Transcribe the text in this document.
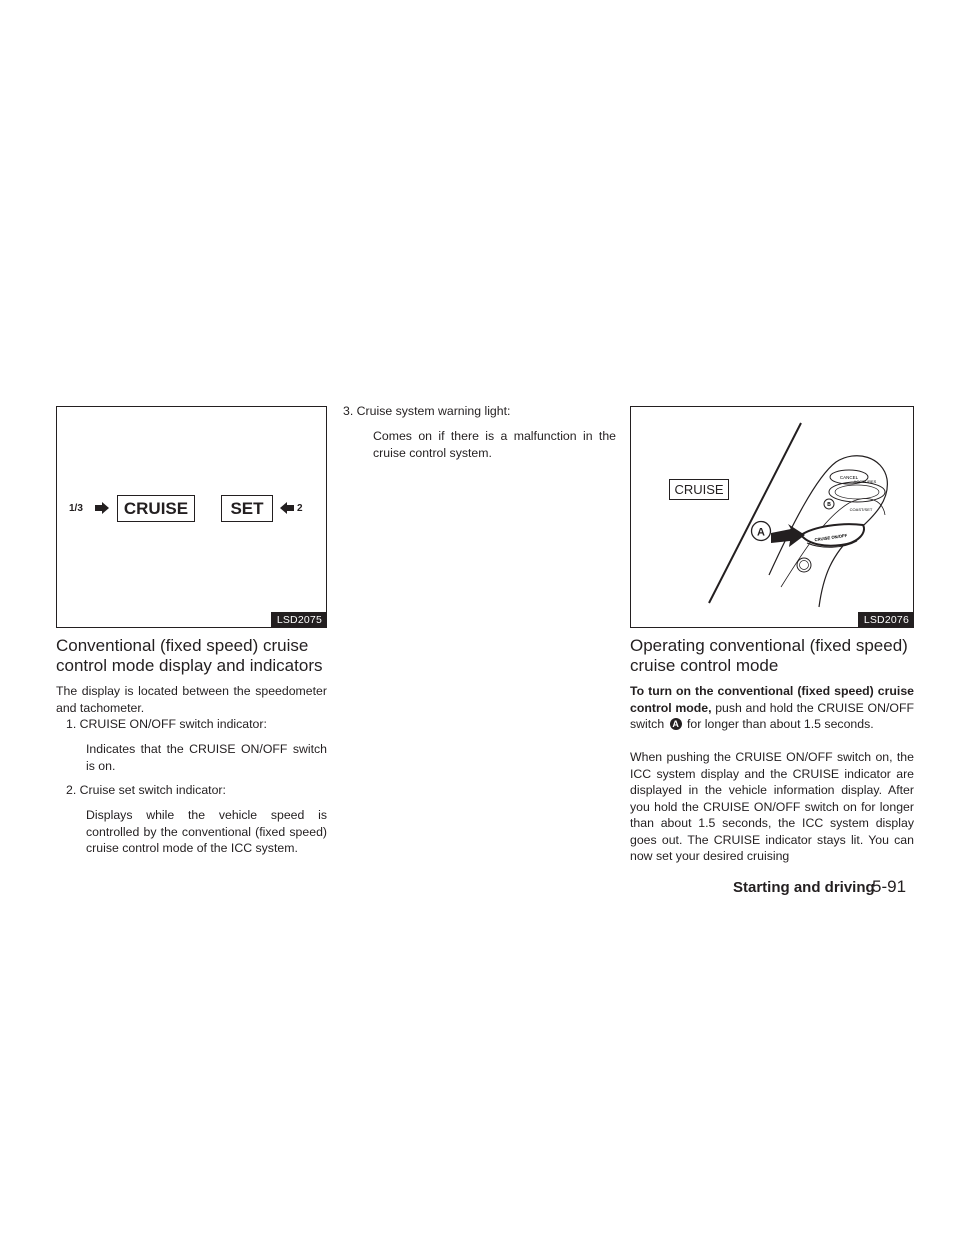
1/3 CRUISE SET	2
LSD2075
B
A
CANCEL
ACCEL/RES
COAST/SET
CRUISE ON/OFF
CRUISE
LSD2076
Conventional (fixed speed) cruise
control mode display and indicators
The display is located between the speedometer and tachometer.
1. CRUISE ON/OFF switch indicator:
Indicates that the CRUISE ON/OFF switch is on.
2. Cruise set switch indicator:
Displays while the vehicle speed is controlled by the conventional (fixed speed) cruise control mode of the ICC system.
3. Cruise system warning light:
Comes on if there is a malfunction in the cruise control system.
Operating conventional (fixed speed)
cruise control mode
To turn on the conventional (fixed speed) cruise control mode, push and hold the CRUISE ON/OFF switch A for longer than about 1.5 seconds.
When pushing the CRUISE ON/OFF switch on, the ICC system display and the CRUISE indicator are displayed in the vehicle information display. After you hold the CRUISE ON/OFF switch on for longer than about 1.5 seconds, the ICC system display goes out. The CRUISE indicator stays lit. You can now set your desired cruising
Starting and driving
5-91
